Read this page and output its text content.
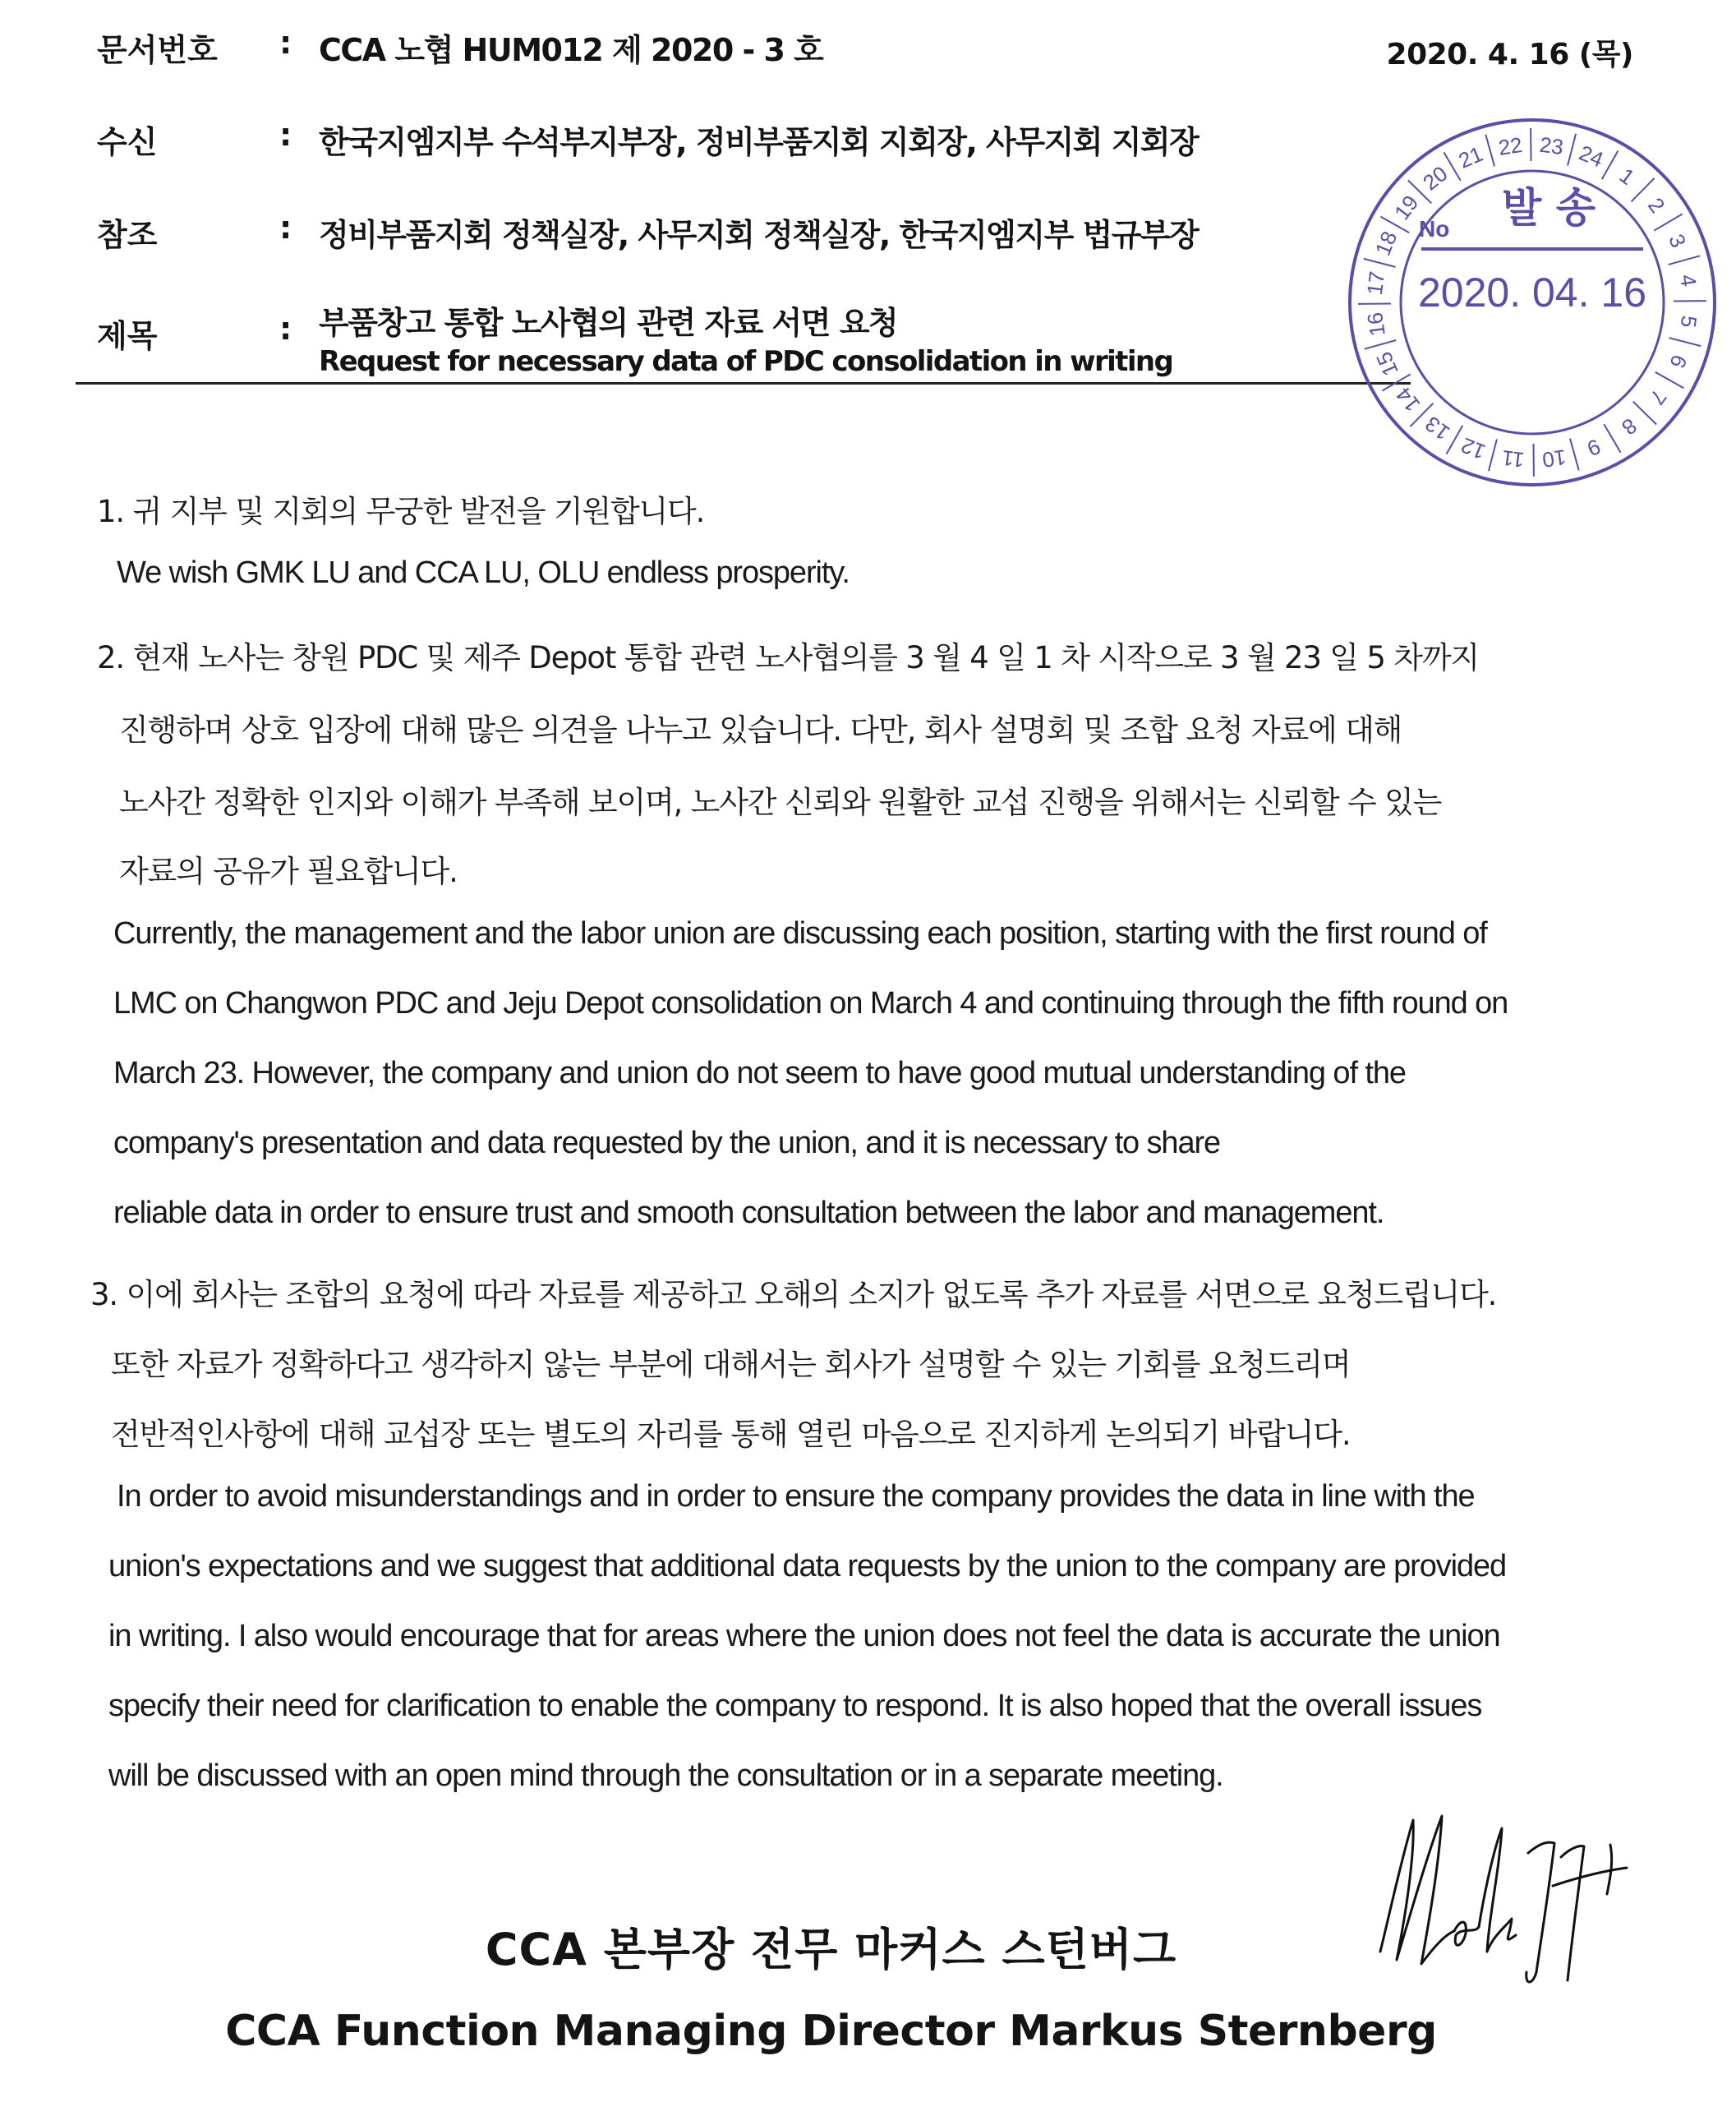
문서번호 : CCA 노협 HUM012 제 2020 - 3 호	2020. 4. 16 (목)
수신	: 한국지엠지부 수석부지부장, 정비부품지회 지회장, 사무지회 지회장
참조	: 정비부품지회 정책실장, 사무지회 정책실장, 한국지엠지부 법규부장
제목	: 부품창고 통합 노사협의 관련 자료 서면 요청
Request for necessary data of PDC consolidation in writing
10
11
12
13
14
15
16
17
18
19
20
21 22 23 24
1
2
3
4
5
6
7
8
9
No 발 송
2020. 04. 16
1. 귀 지부 및 지회의 무궁한 발전을 기원합니다.
We wish GMK LU and CCA LU, OLU endless prosperity.
2. 현재 노사는 창원 PDC 및 제주 Depot 통합 관련 노사협의를 3 월 4 일 1 차 시작으로 3 월 23 일 5 차까지
진행하며 상호 입장에 대해 많은 의견을 나누고 있습니다. 다만, 회사 설명회 및 조합 요청 자료에 대해
노사간 정확한 인지와 이해가 부족해 보이며, 노사간 신뢰와 원활한 교섭 진행을 위해서는 신뢰할 수 있는
자료의 공유가 필요합니다.
Currently, the management and the labor union are discussing each position, starting with the first round of
LMC on Changwon PDC and Jeju Depot consolidation on March 4 and continuing through the fifth round on
March 23. However, the company and union do not seem to have good mutual understanding of the
company's presentation and data requested by the union, and it is necessary to share
reliable data in order to ensure trust and smooth consultation between the labor and management.
3. 이에 회사는 조합의 요청에 따라 자료를 제공하고 오해의 소지가 없도록 추가 자료를 서면으로 요청드립니다.
또한 자료가 정확하다고 생각하지 않는 부분에 대해서는 회사가 설명할 수 있는 기회를 요청드리며
전반적인사항에 대해 교섭장 또는 별도의 자리를 통해 열린 마음으로 진지하게 논의되기 바랍니다.
In order to avoid misunderstandings and in order to ensure the company provides the data in line with the
union's expectations and we suggest that additional data requests by the union to the company are provided
in writing. I also would encourage that for areas where the union does not feel the data is accurate the union
specify their need for clarification to enable the company to respond. It is also hoped that the overall issues
will be discussed with an open mind through the consultation or in a separate meeting.
CCA 본부장 전무 마커스 스턴버그
CCA Function Managing Director Markus Sternberg
